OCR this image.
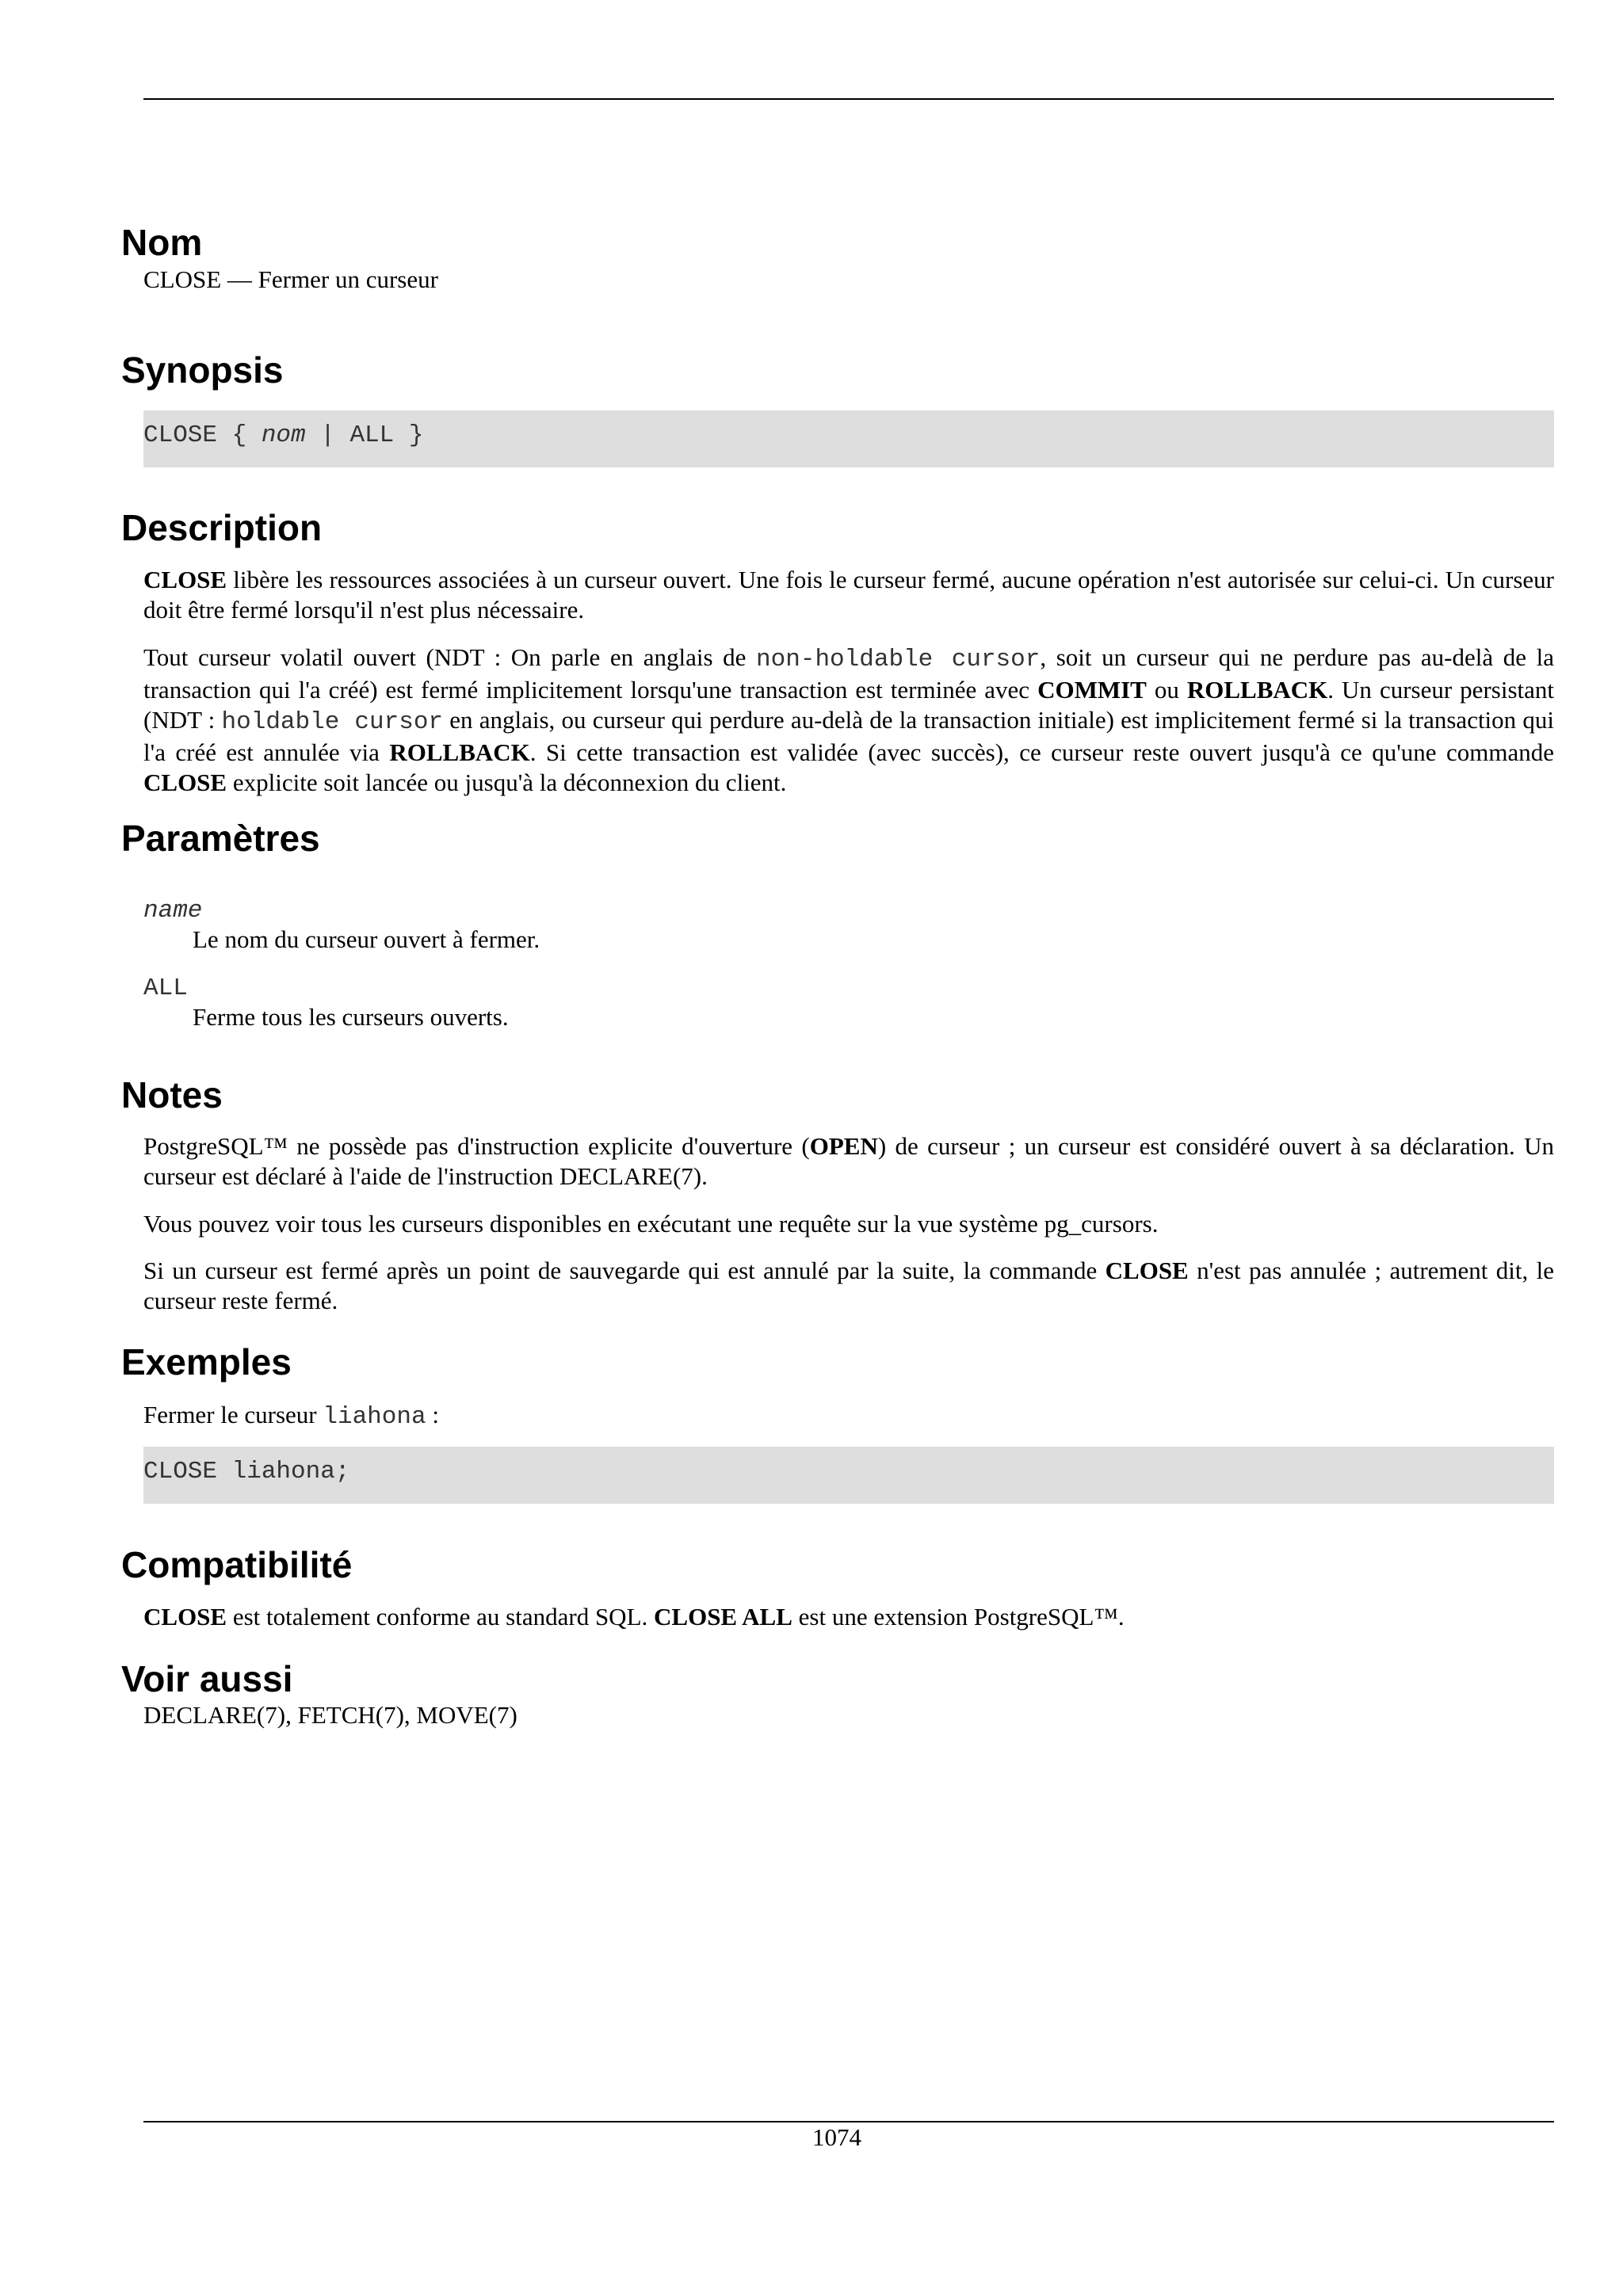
Nom

CLOSE — Fermer un curseur

Synopsis
CLOSE { nom | ALL }
Description

CLOSE libère les ressources associées à un curseur ouvert. Une fois le curseur fermé, aucune opération n'est autorisée sur celui-ci. Un curseur doit être fermé lorsqu'il n'est plus nécessaire.

Tout curseur volatil ouvert (NDT : On parle en anglais de non-holdable cursor, soit un curseur qui ne perdure pas au-delà de la transaction qui l'a créé) est fermé implicitement lorsqu'une transaction est terminée avec COMMIT ou ROLLBACK. Un curseur persistant (NDT : holdable cursor en anglais, ou curseur qui perdure au-delà de la transaction initiale) est implicitement fermé si la transaction qui l'a créé est annulée via ROLLBACK. Si cette transaction est validée (avec succès), ce curseur reste ouvert jusqu'à ce qu'une commande CLOSE explicite soit lancée ou jusqu'à la déconnexion du client.

Paramètres
name
Le nom du curseur ouvert à fermer.
ALL
Ferme tous les curseurs ouverts.
Notes

PostgreSQL™ ne possède pas d'instruction explicite d'ouverture (OPEN) de curseur ; un curseur est considéré ouvert à sa déclaration. Un curseur est déclaré à l'aide de l'instruction DECLARE(7).

Vous pouvez voir tous les curseurs disponibles en exécutant une requête sur la vue système pg_cursors.

Si un curseur est fermé après un point de sauvegarde qui est annulé par la suite, la commande CLOSE n'est pas annulée ; autrement dit, le curseur reste fermé.

Exemples

Fermer le curseur liahona :

CLOSE liahona;
Compatibilité

CLOSE est totalement conforme au standard SQL. CLOSE ALL est une extension PostgreSQL™.

Voir aussi

DECLARE(7), FETCH(7), MOVE(7)

1074
